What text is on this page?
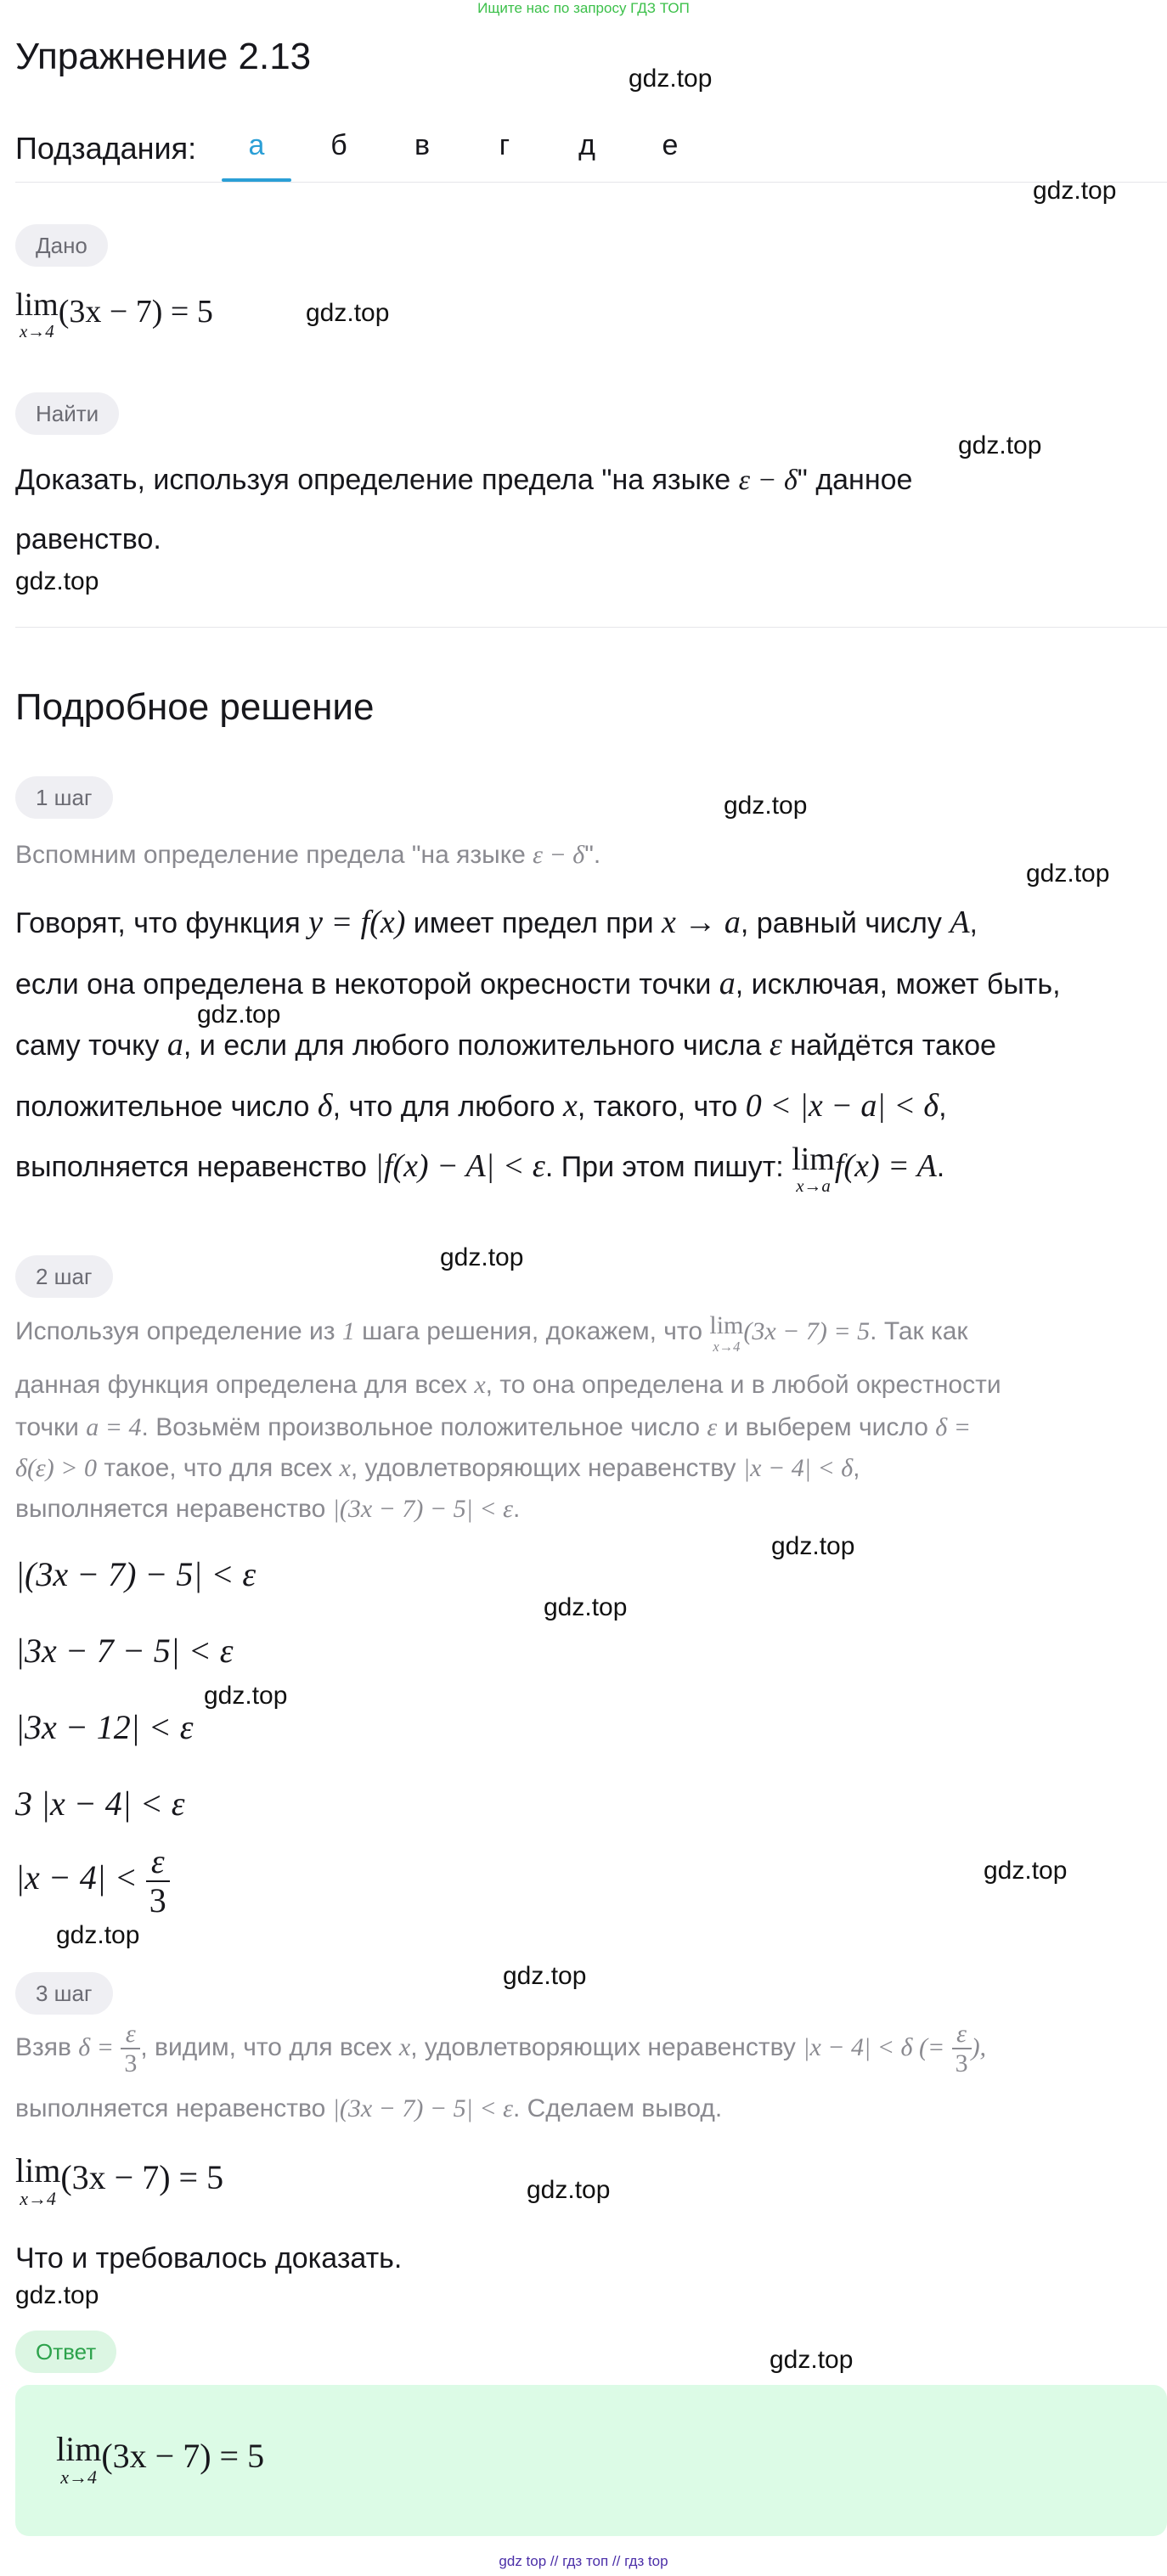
Ищите нас по запросу ГДЗ ТОП
Упражнение 2.13
Подзадания:	а	б	в	г	д	е
Дано
lim
x→4
(3x − 7) = 5
Найти
Доказать, используя определение предела "на языке ε − δ" данное
равенство.
Подробное решение
1 шаг
Вспомним определение предела "на языке ε − δ".
Говорят, что функция y = f(x) имеет предел при x → a, равный числу A,
если она определена в некоторой окресности точки a, исключая, может быть,
саму точку a, и если для любого положительного числа ε найдётся такое
положительное число δ, что для любого x, такого, что 0 < |x − a| < δ,
выполняется неравенство |f(x) − A| < ε. При этом пишут: lim
x→a
f(x) = A.
2 шаг
Используя определение из 1 шага решения, докажем, что lim
x→4
(3x − 7) = 5. Так как
данная функция определена для всех x, то она определена и в любой окрестности
точки a = 4. Возьмём произвольное положительное число ε и выберем число δ =
δ(ε) > 0 такое, что для всех x, удовлетворяющих неравенству |x − 4| < δ,
выполняется неравенство |(3x − 7) − 5| < ε.
|(3x − 7) − 5| < ε
|3x − 7 − 5| < ε
|3x − 12| < ε
3 |x − 4| < ε
$|x - 4| < \frac{\varepsilon}{3}$
3 шаг
Взяв $\delta = \frac{\varepsilon}{3}$ , видим, что для всех x, удовлетворяющих неравенству |x − 4| < δ (= $\frac{\varepsilon}{3}$ ),
выполняется неравенство |(3x − 7) − 5| < ε. Сделаем вывод.
lim
x→4
(3x − 7) = 5
Что и требовалось доказать.
Ответ
lim
x→4
(3x − 7) = 5
gdz.top
gdz.top
gdz.top
gdz.top
gdz.top
gdz.top
gdz.top
gdz.top
gdz.top
gdz.top
gdz.top
gdz.top
gdz.top
gdz.top
gdz.top
gdz.top
gdz.top
gdz.top
gdz top // гдз топ // гдз top
